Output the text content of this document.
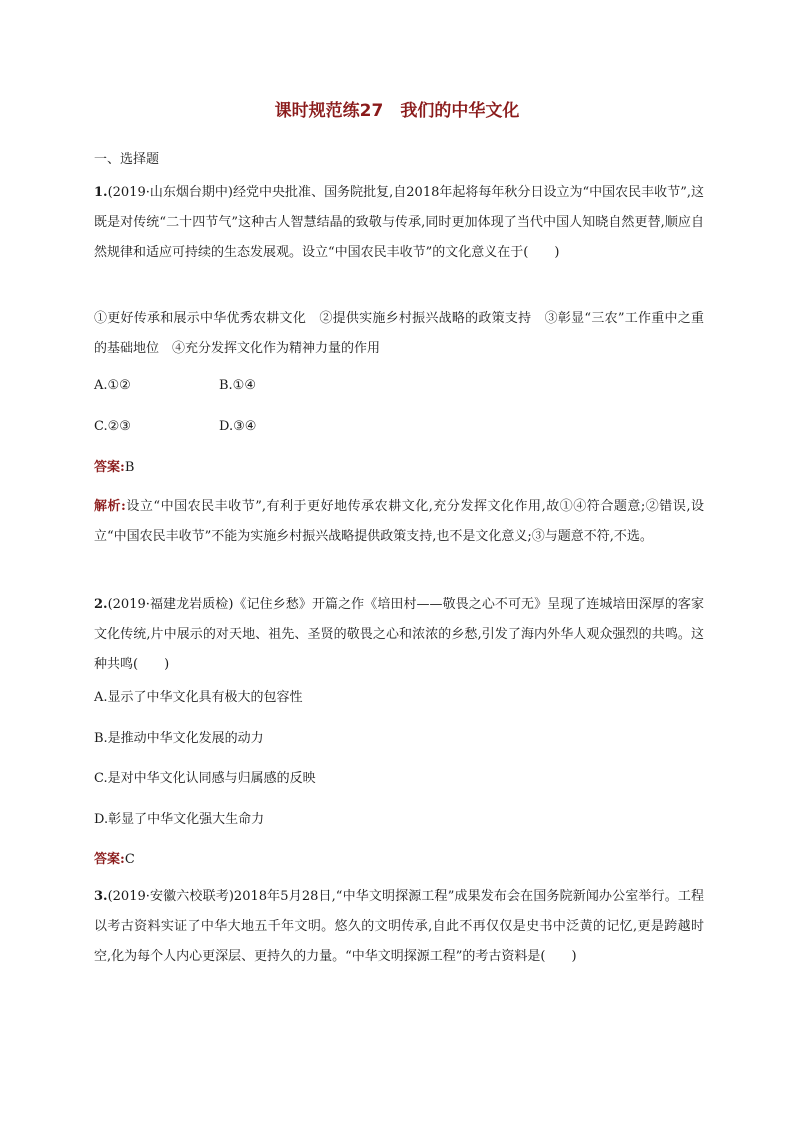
课时规范练27　我们的中华文化
一、选择题

1.(2019·山东烟台期中)经党中央批准、国务院批复,自2018年起将每年秋分日设立为“中国农民丰收节”,这既是对传统“二十四节气”这种古人智慧结晶的致敬与传承,同时更加体现了当代中国人知晓自然更替,顺应自然规律和适应可持续的生态发展观。设立“中国农民丰收节”的文化意义在于(　　)

①更好传承和展示中华优秀农耕文化　②提供实施乡村振兴战略的政策支持　③彰显“三农”工作重中之重的基础地位　④充分发挥文化作为精神力量的作用

A.①②	B.①④
C.②③	D.③④
答案:B

解析:设立“中国农民丰收节”,有利于更好地传承农耕文化,充分发挥文化作用,故①④符合题意;②错误,设立“中国农民丰收节”不能为实施乡村振兴战略提供政策支持,也不是文化意义;③与题意不符,不选。

2.(2019·福建龙岩质检)《记住乡愁》开篇之作《培田村——敬畏之心不可无》呈现了连城培田深厚的客家文化传统,片中展示的对天地、祖先、圣贤的敬畏之心和浓浓的乡愁,引发了海内外华人观众强烈的共鸣。这种共鸣(　　)

A.显示了中华文化具有极大的包容性
B.是推动中华文化发展的动力
C.是对中华文化认同感与归属感的反映
D.彰显了中华文化强大生命力
答案:C

3.(2019·安徽六校联考)2018年5月28日,“中华文明探源工程”成果发布会在国务院新闻办公室举行。工程以考古资料实证了中华大地五千年文明。悠久的文明传承,自此不再仅仅是史书中泛黄的记忆,更是跨越时空,化为每个人内心更深层、更持久的力量。“中华文明探源工程”的考古资料是(　　)
